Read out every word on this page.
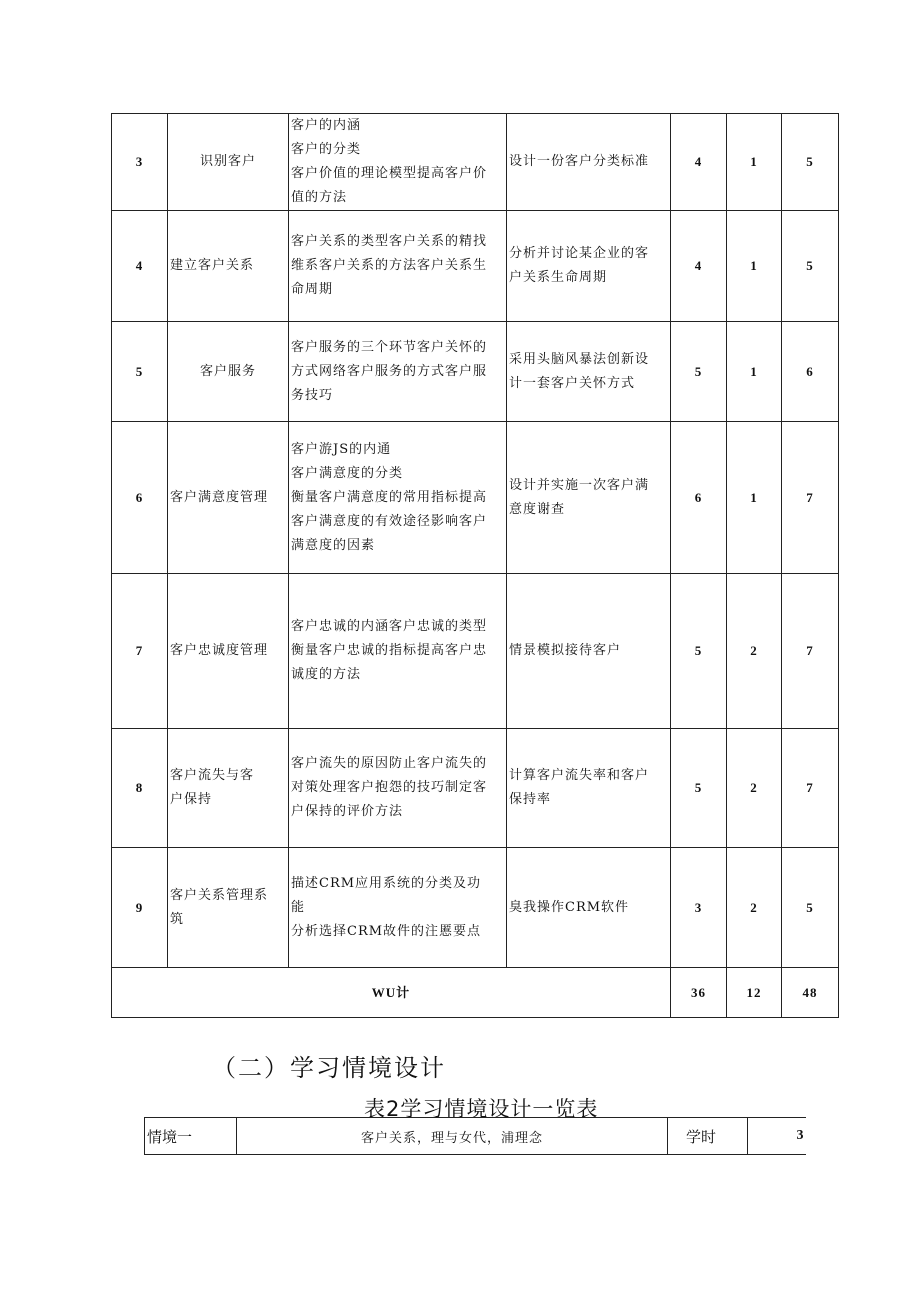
3	识别客户	客户的内涵
客户的分类
客户价值的理论模型提高客户价
值的方法	设计一份客户分类标准	4	1	5
4	建立客户关系	客户关系的类型客户关系的精找
维系客户关系的方法客户关系生
命周期	分析并讨论某企业的客
户关系生命周期	4	1	5
5	客户服务	客户服务的三个环节客户关怀的
方式网络客户服务的方式客户服
务技巧	采用头脑风暴法创新设
计一套客户关怀方式	5	1	6
6	客户满意度管理	客户游JS的内通
客户满意度的分类
衡量客户满意度的常用指标提高
客户满意度的有效途径影响客户
满意度的因素	设计并实施一次客户满
意度谢查	6	1	7
7	客户忠诚度管理	客户忠诚的内涵客户忠诚的类型
衡量客户忠诚的指标提高客户忠
诚度的方法	情景模拟接待客户	5	2	7
8	客户流失与客
户保持	客户流失的原因防止客户流失的
对策处理客户抱怨的技巧制定客
户保持的评价方法	计算客户流失率和客户
保持率	5	2	7
9	客户关系管理系
筑	描述CRM应用系统的分类及功
能
分析选择CRM故件的注慝要点	臭我操作CRM软件	3	2	5
WU计				36	12	48
（二）学习情境设计
表2学习情境设计一览表
情境一	客户关系，理与女代，浦理念	学时	3
